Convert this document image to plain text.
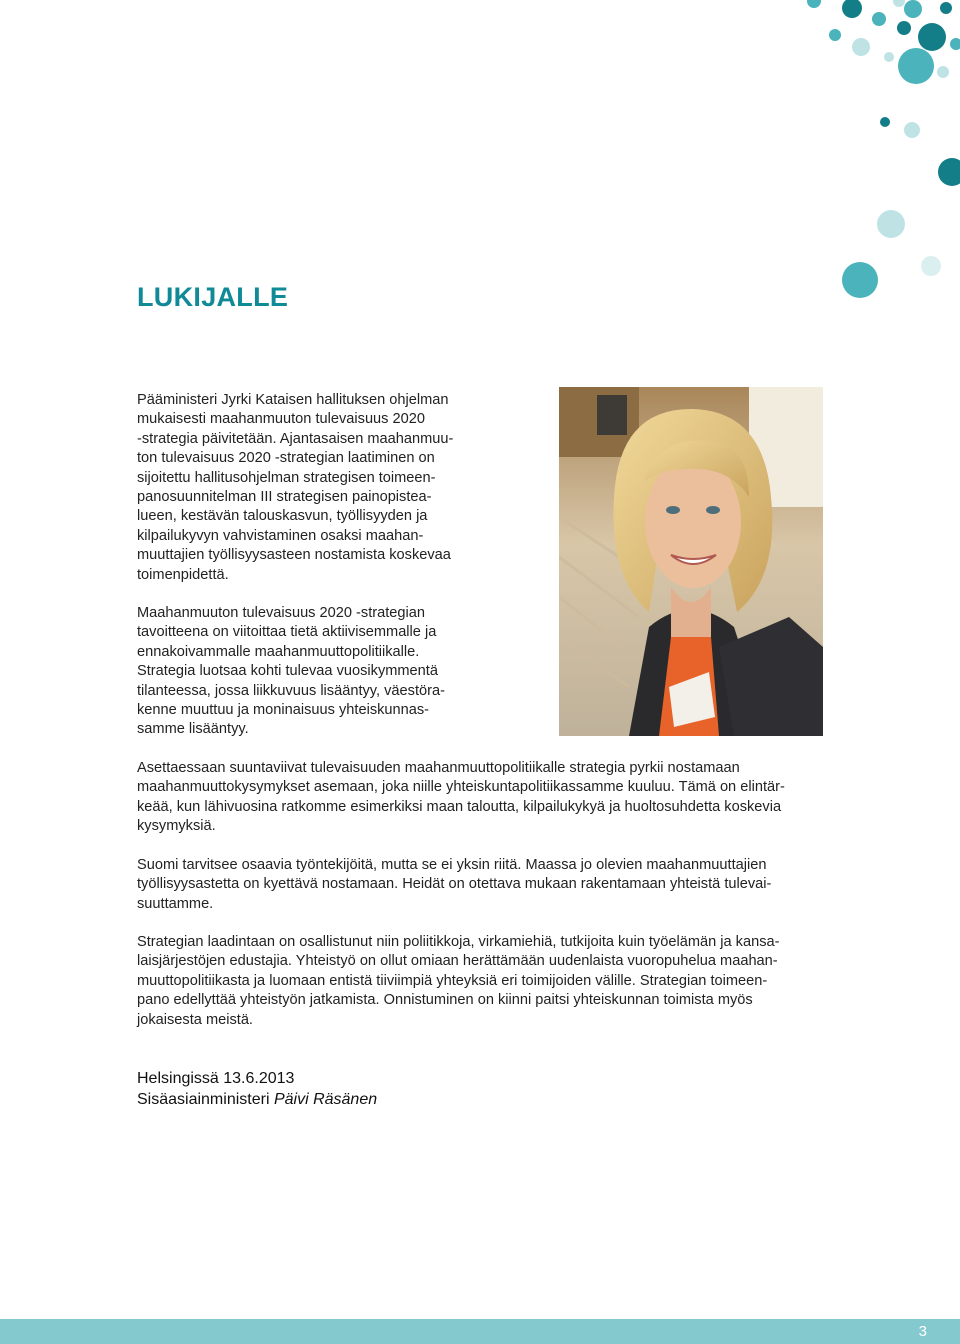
LUKIJALLE

Pääministeri Jyrki Kataisen hallituksen ohjelman
mukaisesti maahanmuuton tulevaisuus 2020
-strategia päivitetään. Ajantasaisen maahanmuu-
ton tulevaisuus 2020 -strategian laatiminen on
sijoitettu hallitusohjelman strategisen toimeen-
panosuunnitelman III strategisen painopistea-
lueen, kestävän talouskasvun, työllisyyden ja
kilpailukyvyn vahvistaminen osaksi maahan-
muuttajien työllisyysasteen nostamista koskevaa
toimenpidettä.

Maahanmuuton tulevaisuus 2020 -strategian
tavoitteena on viitoittaa tietä aktiivisemmalle ja
ennakoivammalle maahanmuuttopolitiikalle.
Strategia luotsaa kohti tulevaa vuosikymmentä
tilanteessa, jossa liikkuvuus lisääntyy, väestöra-
kenne muuttuu ja moninaisuus yhteiskunnas-
samme lisääntyy.

Asettaessaan suuntaviivat tulevaisuuden maahanmuuttopolitiikalle strategia pyrkii nostamaan
maahanmuuttokysymykset asemaan, joka niille yhteiskuntapolitiikassamme kuuluu. Tämä on elintär-
keää, kun lähivuosina ratkomme esimerkiksi maan taloutta, kilpailukykyä ja huoltosuhdetta koskevia
kysymyksiä.

Suomi tarvitsee osaavia työntekijöitä, mutta se ei yksin riitä. Maassa jo olevien maahanmuuttajien
työllisyysastetta on kyettävä nostamaan. Heidät on otettava mukaan rakentamaan yhteistä tulevai-
suuttamme.

Strategian laadintaan on osallistunut niin poliitikkoja, virkamiehiä, tutkijoita kuin työelämän ja kansa-
laisjärjestöjen edustajia. Yhteistyö on ollut omiaan herättämään uudenlaista vuoropuhelua maahan-
muuttopolitiikasta ja luomaan entistä tiiviimpiä yhteyksiä eri toimijoiden välille. Strategian toimeen-
pano edellyttää yhteistyön jatkamista. Onnistuminen on kiinni paitsi yhteiskunnan toimista myös
jokaisesta meistä.

Helsingissä 13.6.2013
Sisäasiainministeri Päivi Räsänen
3
